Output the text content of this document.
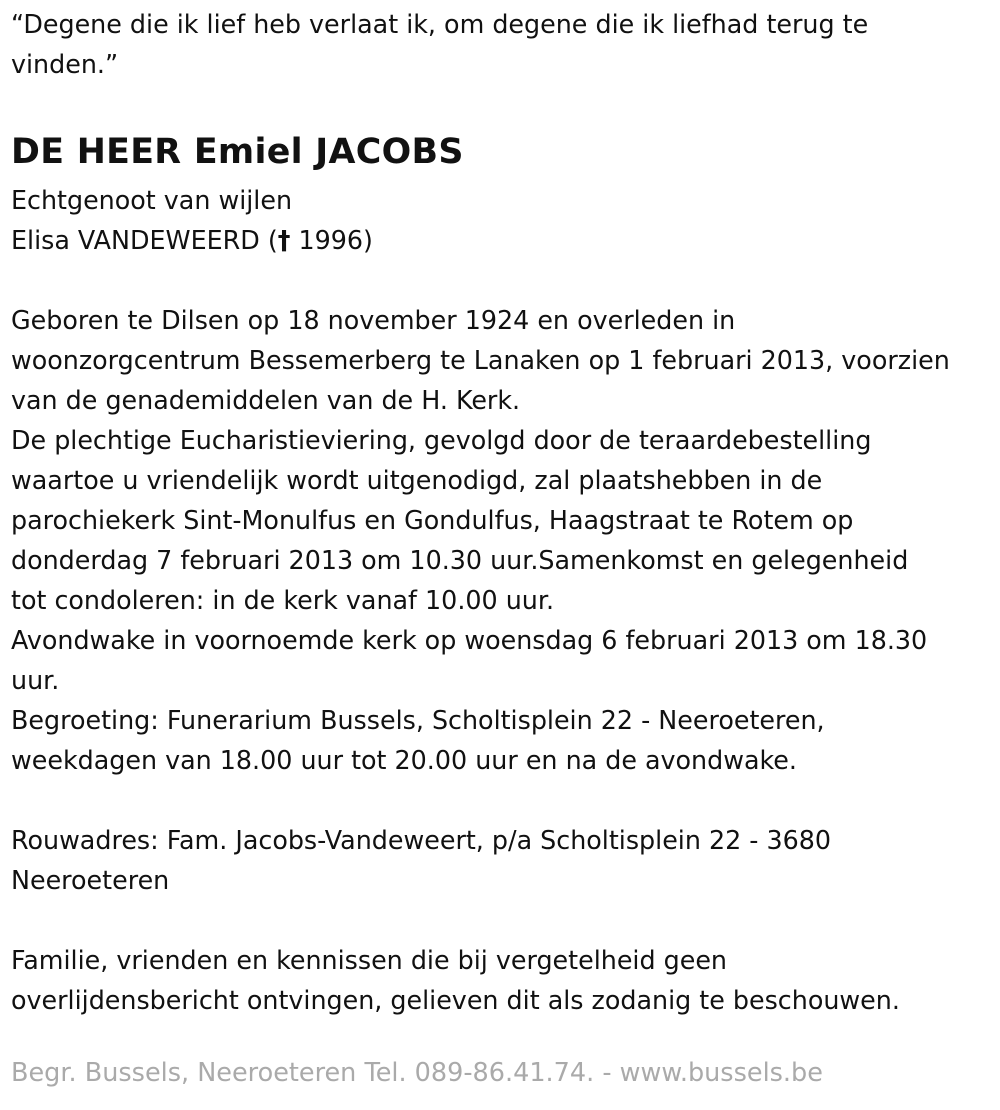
“Degene die ik lief heb verlaat ik, om degene die ik liefhad terug te
vinden.”
DE HEER Emiel JACOBS
Echtgenoot van wijlen
Elisa VANDEWEERD († 1996)
Geboren te Dilsen op 18 november 1924 en overleden in
woonzorgcentrum Bessemerberg te Lanaken op 1 februari 2013, voorzien
van de genademiddelen van de H. Kerk.
De plechtige Eucharistieviering, gevolgd door de teraardebestelling
waartoe u vriendelijk wordt uitgenodigd, zal plaatshebben in de
parochiekerk Sint-Monulfus en Gondulfus, Haagstraat te Rotem op
donderdag 7 februari 2013 om 10.30 uur.Samenkomst en gelegenheid
tot condoleren: in de kerk vanaf 10.00 uur.
Avondwake in voornoemde kerk op woensdag 6 februari 2013 om 18.30
uur.
Begroeting: Funerarium Bussels, Scholtisplein 22 - Neeroeteren,
weekdagen van 18.00 uur tot 20.00 uur en na de avondwake.
Rouwadres: Fam. Jacobs-Vandeweert, p/a Scholtisplein 22 - 3680
Neeroeteren
Familie, vrienden en kennissen die bij vergetelheid geen
overlijdensbericht ontvingen, gelieven dit als zodanig te beschouwen.
Begr. Bussels, Neeroeteren Tel. 089-86.41.74. - www.bussels.be
